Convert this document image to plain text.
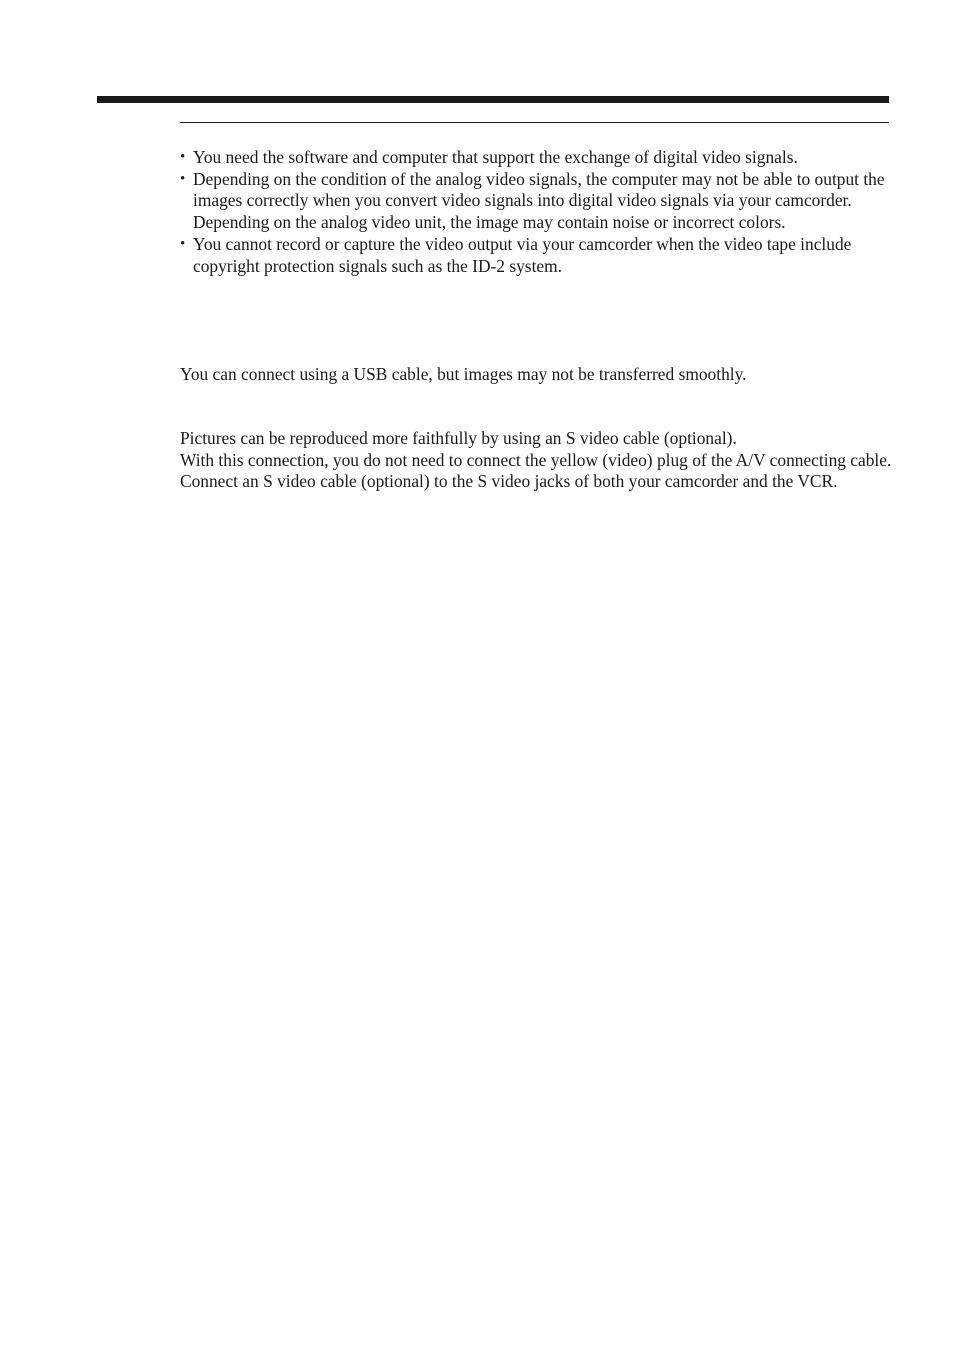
• You need the software and computer that support the exchange of digital video signals.
• Depending on the condition of the analog video signals, the computer may not be able to output the images correctly when you convert video signals into digital video signals via your camcorder. Depending on the analog video unit, the image may contain noise or incorrect colors.
• You cannot record or capture the video output via your camcorder when the video tape include copyright protection signals such as the ID-2 system.

You can connect using a USB cable, but images may not be transferred smoothly.

Pictures can be reproduced more faithfully by using an S video cable (optional).
With this connection, you do not need to connect the yellow (video) plug of the A/V connecting cable.
Connect an S video cable (optional) to the S video jacks of both your camcorder and the VCR.
